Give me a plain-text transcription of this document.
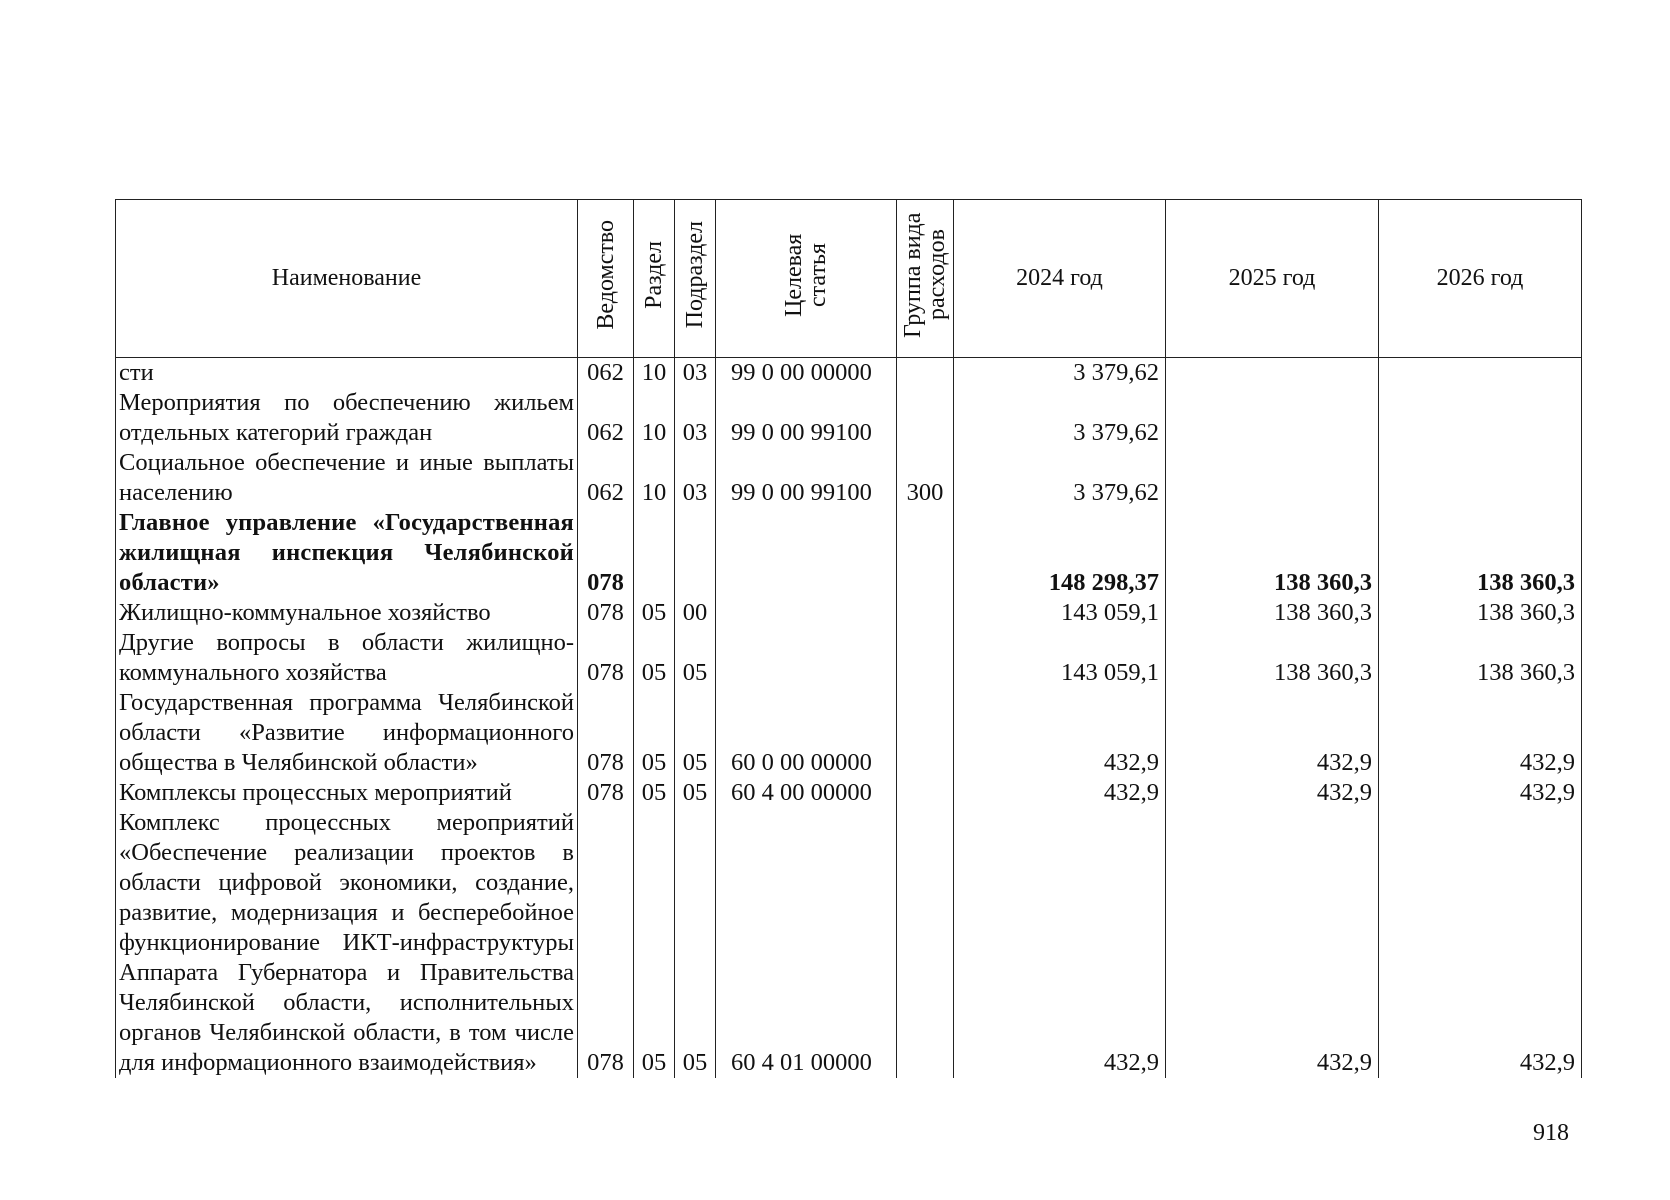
Наименование	Ведомство	Раздел	Подраздел	Целевая статья	Группа вида расходов	2024 год	2025 год	2026 год
сти	062	10	03	99 0 00 00000		3 379,62		
Мероприятия по обеспечению жильем отдельных категорий граждан	062	10	03	99 0 00 99100		3 379,62		
Социальное обеспечение и иные выплаты населению	062	10	03	99 0 00 99100	300	3 379,62		
Главное управление «Государственная жилищная инспекция Челябинской области»	078					148 298,37	138 360,3	138 360,3
Жилищно-коммунальное хозяйство	078	05	00			143 059,1	138 360,3	138 360,3
Другие вопросы в области жилищно-коммунального хозяйства	078	05	05			143 059,1	138 360,3	138 360,3
Государственная программа Челябинской области «Развитие информационного общества в Челябинской области»	078	05	05	60 0 00 00000		432,9	432,9	432,9
Комплексы процессных мероприятий	078	05	05	60 4 00 00000		432,9	432,9	432,9
Комплекс процессных мероприятий «Обеспечение реализации проектов в области цифровой экономики, создание, развитие, модернизация и бесперебойное функционирование ИКТ-инфраструктуры Аппарата Губернатора и Правительства Челябинской области, исполнительных органов Челябинской области, в том числе для информационного взаимодействия»	078	05	05	60 4 01 00000		432,9	432,9	432,9
918
